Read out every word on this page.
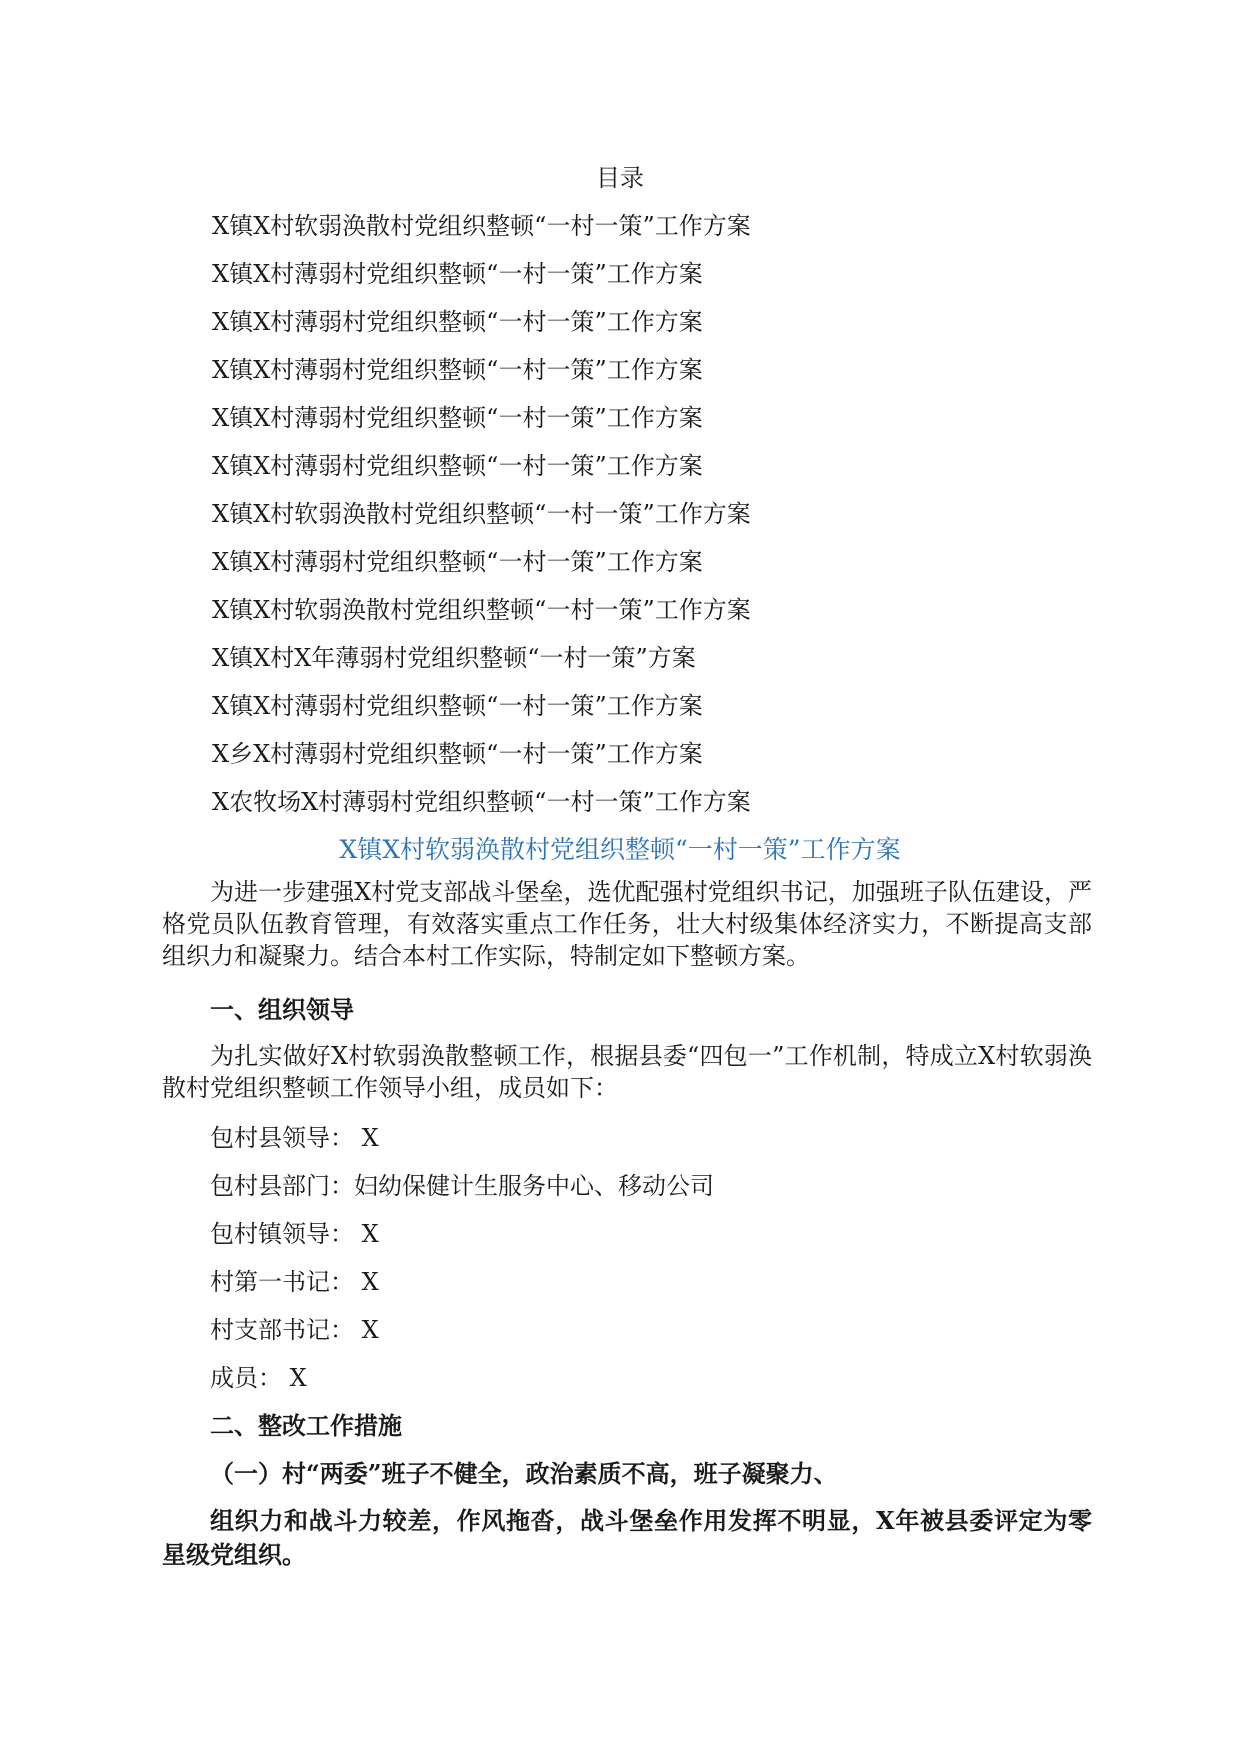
目录
X镇X村软弱涣散村党组织整顿“一村一策”工作方案
X镇X村薄弱村党组织整顿“一村一策”工作方案
X镇X村薄弱村党组织整顿“一村一策”工作方案
X镇X村薄弱村党组织整顿“一村一策”工作方案
X镇X村薄弱村党组织整顿“一村一策”工作方案
X镇X村薄弱村党组织整顿“一村一策”工作方案
X镇X村软弱涣散村党组织整顿“一村一策”工作方案
X镇X村薄弱村党组织整顿“一村一策”工作方案
X镇X村软弱涣散村党组织整顿“一村一策”工作方案
X镇X村X年薄弱村党组织整顿“一村一策”方案
X镇X村薄弱村党组织整顿“一村一策”工作方案
X乡X村薄弱村党组织整顿“一村一策”工作方案
X农牧场X村薄弱村党组织整顿“一村一策”工作方案
X镇X村软弱涣散村党组织整顿“一村一策”工作方案

为进一步建强X村党支部战斗堡垒，选优配强村党组织书记，加强班子队伍建设，严格党员队伍教育管理，有效落实重点工作任务，壮大村级集体经济实力，不断提高支部组织力和凝聚力。结合本村工作实际，特制定如下整顿方案。

一、组织领导

为扎实做好X村软弱涣散整顿工作，根据县委“四包一”工作机制，特成立X村软弱涣散村党组织整顿工作领导小组，成员如下：

包村县领导： X
包村县部门：妇幼保健计生服务中心、移动公司
包村镇领导： X
村第一书记： X
村支部书记： X
成员： X
二、整改工作措施
（一）村“两委”班子不健全，政治素质不高，班子凝聚力、

组织力和战斗力较差，作风拖沓，战斗堡垒作用发挥不明显，X年被县委评定为零星级党组织。
